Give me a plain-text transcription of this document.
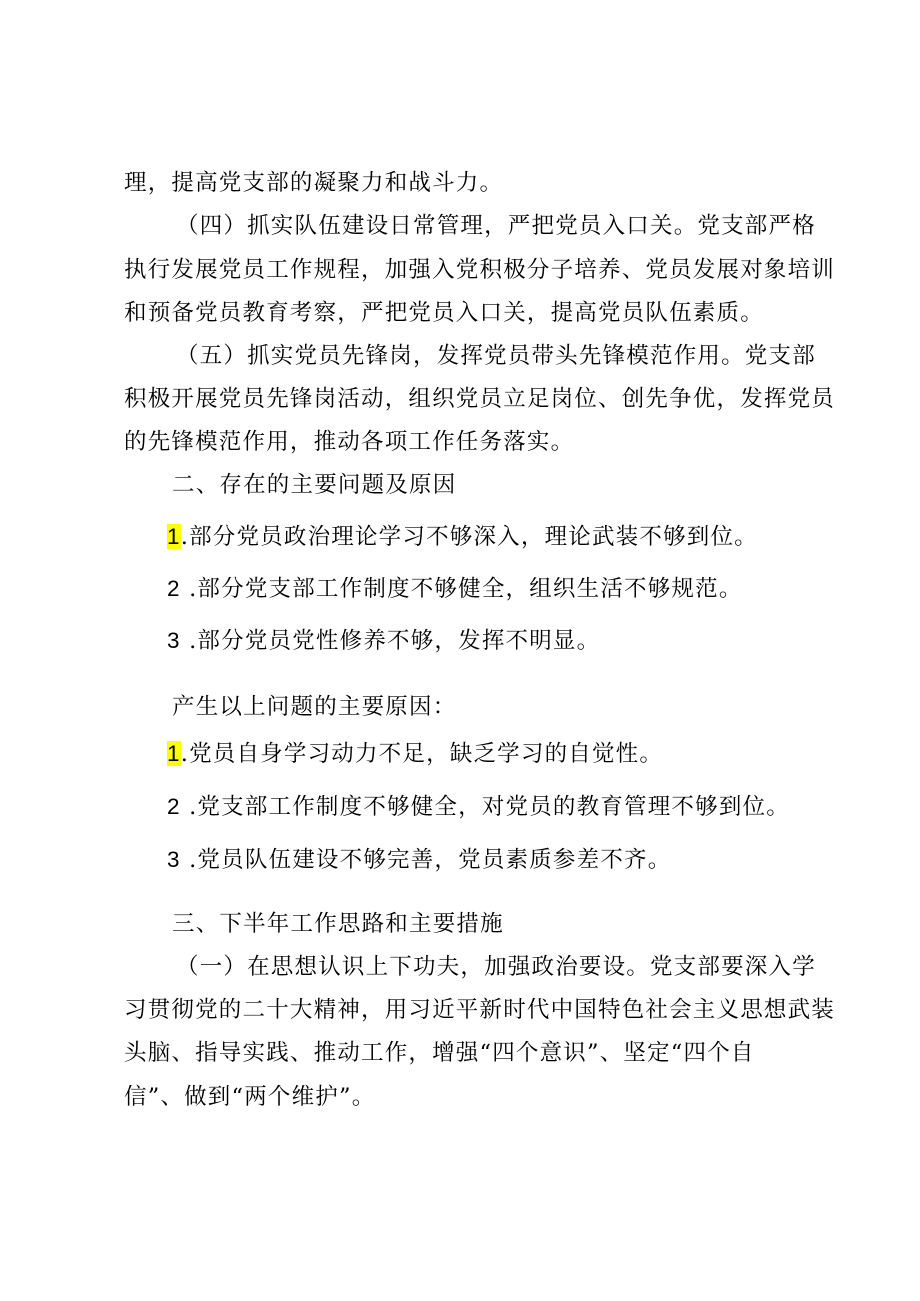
理，提高党支部的凝聚力和战斗力。
（四）抓实队伍建设日常管理，严把党员入口关。党支部严格
执行发展党员工作规程，加强入党积极分子培养、党员发展对象培训
和预备党员教育考察，严把党员入口关，提高党员队伍素质。
（五）抓实党员先锋岗，发挥党员带头先锋模范作用。党支部
积极开展党员先锋岗活动，组织党员立足岗位、创先争优，发挥党员
的先锋模范作用，推动各项工作任务落实。
二、存在的主要问题及原因
1.部分党员政治理论学习不够深入，理论武装不够到位。
2 .部分党支部工作制度不够健全，组织生活不够规范。
3 .部分党员党性修养不够，发挥不明显。
产生以上问题的主要原因：
1.党员自身学习动力不足，缺乏学习的自觉性。
2 .党支部工作制度不够健全，对党员的教育管理不够到位。
3 .党员队伍建设不够完善，党员素质参差不齐。
三、下半年工作思路和主要措施
（一）在思想认识上下功夫，加强政治要设。党支部要深入学
习贯彻党的二十大精神，用习近平新时代中国特色社会主义思想武装
头脑、指导实践、推动工作，增强“四个意识”、坚定“四个自
信”、做到“两个维护”。
